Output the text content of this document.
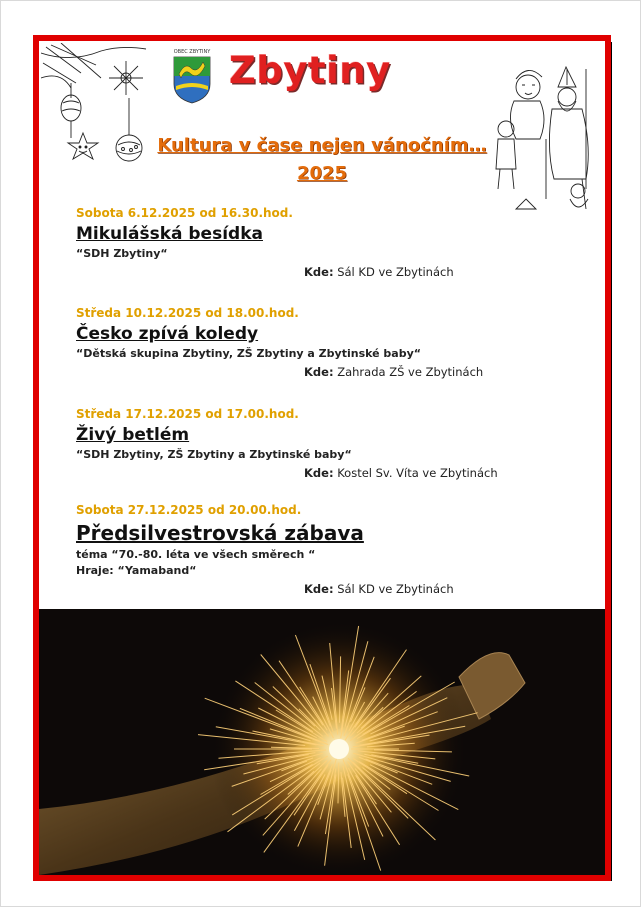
OBEC ZBYTINY Zbytiny
Kultura v čase nejen vánočním…
2025
Sobota 6.12.2025 od 16.30.hod.
Mikulášská besídka
“SDH Zbytiny“
Kde: Sál KD ve Zbytinách
Středa 10.12.2025 od 18.00.hod.
Česko zpívá koledy
“Dětská skupina Zbytiny, ZŠ Zbytiny a Zbytinské baby“
Kde: Zahrada ZŠ ve Zbytinách
Středa 17.12.2025 od 17.00.hod.
Živý betlém
“SDH Zbytiny, ZŠ Zbytiny a Zbytinské baby“
Kde: Kostel Sv. Víta ve Zbytinách
Sobota 27.12.2025 od 20.00.hod.
Předsilvestrovská zábava
téma “70.-80. léta ve všech směrech “
Hraje: “Yamaband“
Kde: Sál KD ve Zbytinách
